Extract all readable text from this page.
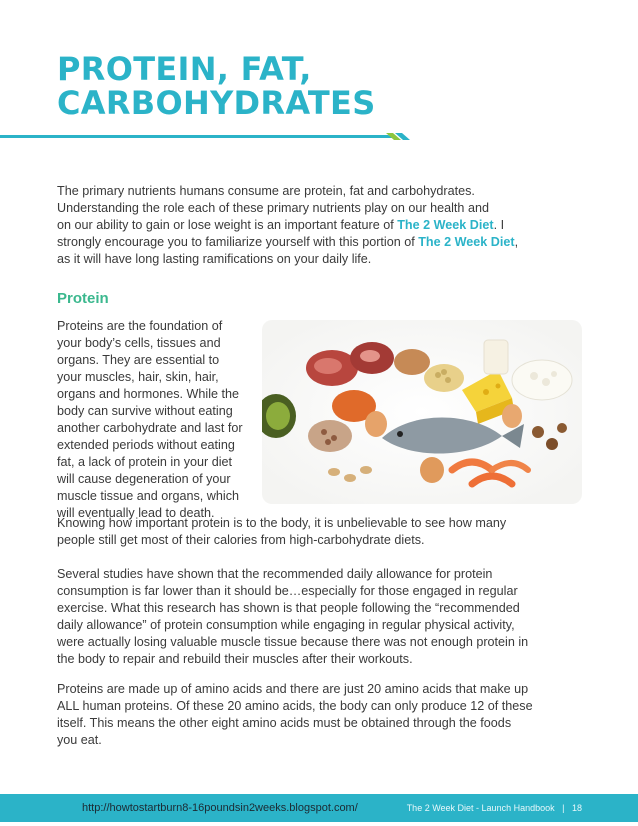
PROTEIN, FAT,
CARBOHYDRATES

The primary nutrients humans consume are protein, fat and carbohydrates.
Understanding the role each of these primary nutrients play on our health and
on our ability to gain or lose weight is an important feature of The 2 Week Diet. I
strongly encourage you to familiarize yourself with this portion of The 2 Week Diet,
as it will have long lasting ramifications on your daily life.

Protein

Proteins are the foundation of
your body’s cells, tissues and
organs. They are essential to
your muscles, hair, skin, hair,
organs and hormones. While the
body can survive without eating
another carbohydrate and last for
extended periods without eating
fat, a lack of protein in your diet
will cause degeneration of your
muscle tissue and organs, which
will eventually lead to death.

Knowing how important protein is to the body, it is unbelievable to see how many
people still get most of their calories from high-carbohydrate diets.

Several studies have shown that the recommended daily allowance for protein
consumption is far lower than it should be…especially for those engaged in regular
exercise. What this research has shown is that people following the “recommended
daily allowance” of protein consumption while engaging in regular physical activity,
were actually losing valuable muscle tissue because there was not enough protein in
the body to repair and rebuild their muscles after their workouts.

Proteins are made up of amino acids and there are just 20 amino acids that make up
ALL human proteins. Of these 20 amino acids, the body can only produce 12 of these
itself. This means the other eight amino acids must be obtained through the foods
you eat.

http://howtostartburn8-16poundsin2weeks.blogspot.com/	The 2 Week Diet - Launch Handbook | 18
